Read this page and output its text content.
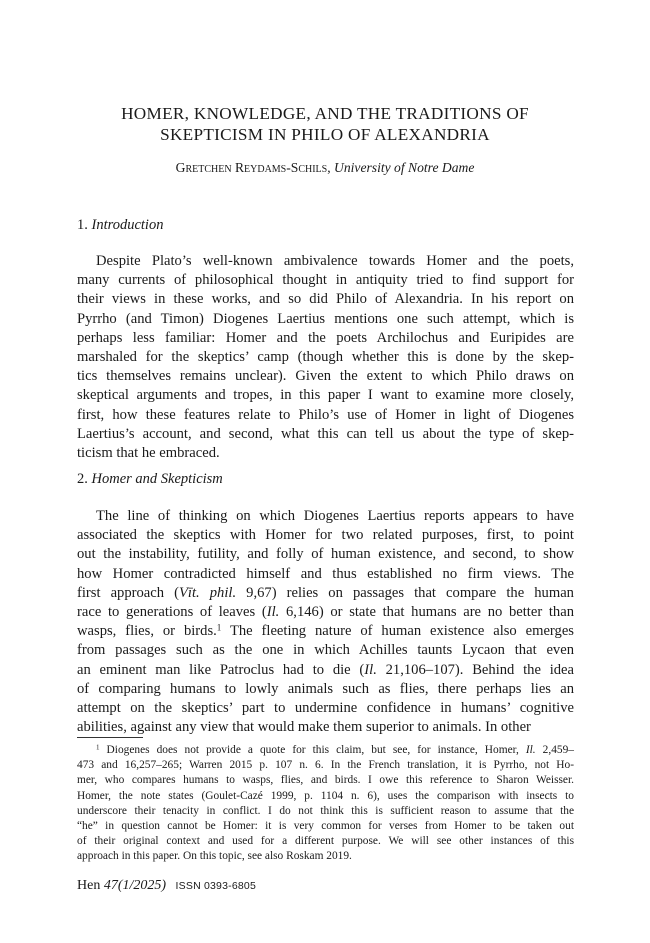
HOMER, KNOWLEDGE, AND THE TRADITIONS OF
SKEPTICISM IN PHILO OF ALEXANDRIA
Gretchen Reydams-Schils, University of Notre Dame
1. Introduction
Despite Plato’s well-known ambivalence towards Homer and the poets,
many currents of philosophical thought in antiquity tried to find support for
their views in these works, and so did Philo of Alexandria. In his report on
Pyrrho (and Timon) Diogenes Laertius mentions one such attempt, which is
perhaps less familiar: Homer and the poets Archilochus and Euripides are
marshaled for the skeptics’ camp (though whether this is done by the skep-
tics themselves remains unclear). Given the extent to which Philo draws on
skeptical arguments and tropes, in this paper I want to examine more closely,
first, how these features relate to Philo’s use of Homer in light of Diogenes
Laertius’s account, and second, what this can tell us about the type of skep-
ticism that he embraced.
2. Homer and Skepticism
The line of thinking on which Diogenes Laertius reports appears to have
associated the skeptics with Homer for two related purposes, first, to point
out the instability, futility, and folly of human existence, and second, to show
how Homer contradicted himself and thus established no firm views. The
first approach (Vīt. phil. 9,67) relies on passages that compare the human
race to generations of leaves (Il. 6,146) or state that humans are no better than
wasps, flies, or birds.$^1$ The fleeting nature of human existence also emerges
from passages such as the one in which Achilles taunts Lycaon that even
an eminent man like Patroclus had to die (Il. 21,106–107). Behind the idea
of comparing humans to lowly animals such as flies, there perhaps lies an
attempt on the skeptics’ part to undermine confidence in humans’ cognitive
abilities, against any view that would make them superior to animals. In other
$^1$ Diogenes does not provide a quote for this claim, but see, for instance, Homer, Il. 2,459–
473 and 16,257–265; Warren 2015 p. 107 n. 6. In the French translation, it is Pyrrho, not Ho-
mer, who compares humans to wasps, flies, and birds. I owe this reference to Sharon Weisser.
Homer, the note states (Goulet-Cazé 1999, p. 1104 n. 6), uses the comparison with insects to
underscore their tenacity in conflict. I do not think this is sufficient reason to assume that the
“he” in question cannot be Homer: it is very common for verses from Homer to be taken out
of their original context and used for a different purpose. We will see other instances of this
approach in this paper. On this topic, see also Roskam 2019.
Hen 47(1/2025) ISSN 0393-6805
